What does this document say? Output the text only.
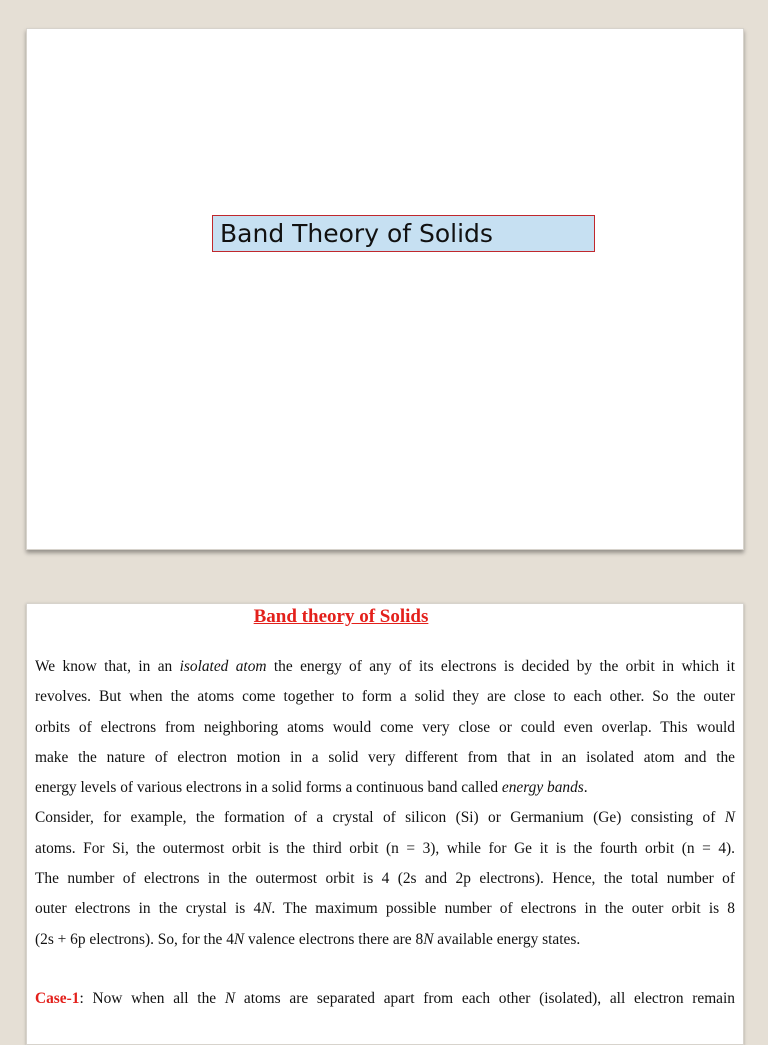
Band Theory of Solids
Band theory of Solids
We know that, in an isolated atom the energy of any of its electrons is decided by the orbit in which it
revolves. But when the atoms come together to form a solid they are close to each other. So the outer
orbits of electrons from neighboring atoms would come very close or could even overlap. This would
make the nature of electron motion in a solid very different from that in an isolated atom and the
energy levels of various electrons in a solid forms a continuous band called energy bands.
Consider, for example, the formation of a crystal of silicon (Si) or Germanium (Ge) consisting of N
atoms. For Si, the outermost orbit is the third orbit (n = 3), while for Ge it is the fourth orbit (n = 4).
The number of electrons in the outermost orbit is 4 (2s and 2p electrons). Hence, the total number of
outer electrons in the crystal is 4N. The maximum possible number of electrons in the outer orbit is 8
(2s + 6p electrons). So, for the 4N valence electrons there are 8N available energy states.
Case-1: Now when all the N atoms are separated apart from each other (isolated), all electron remain
